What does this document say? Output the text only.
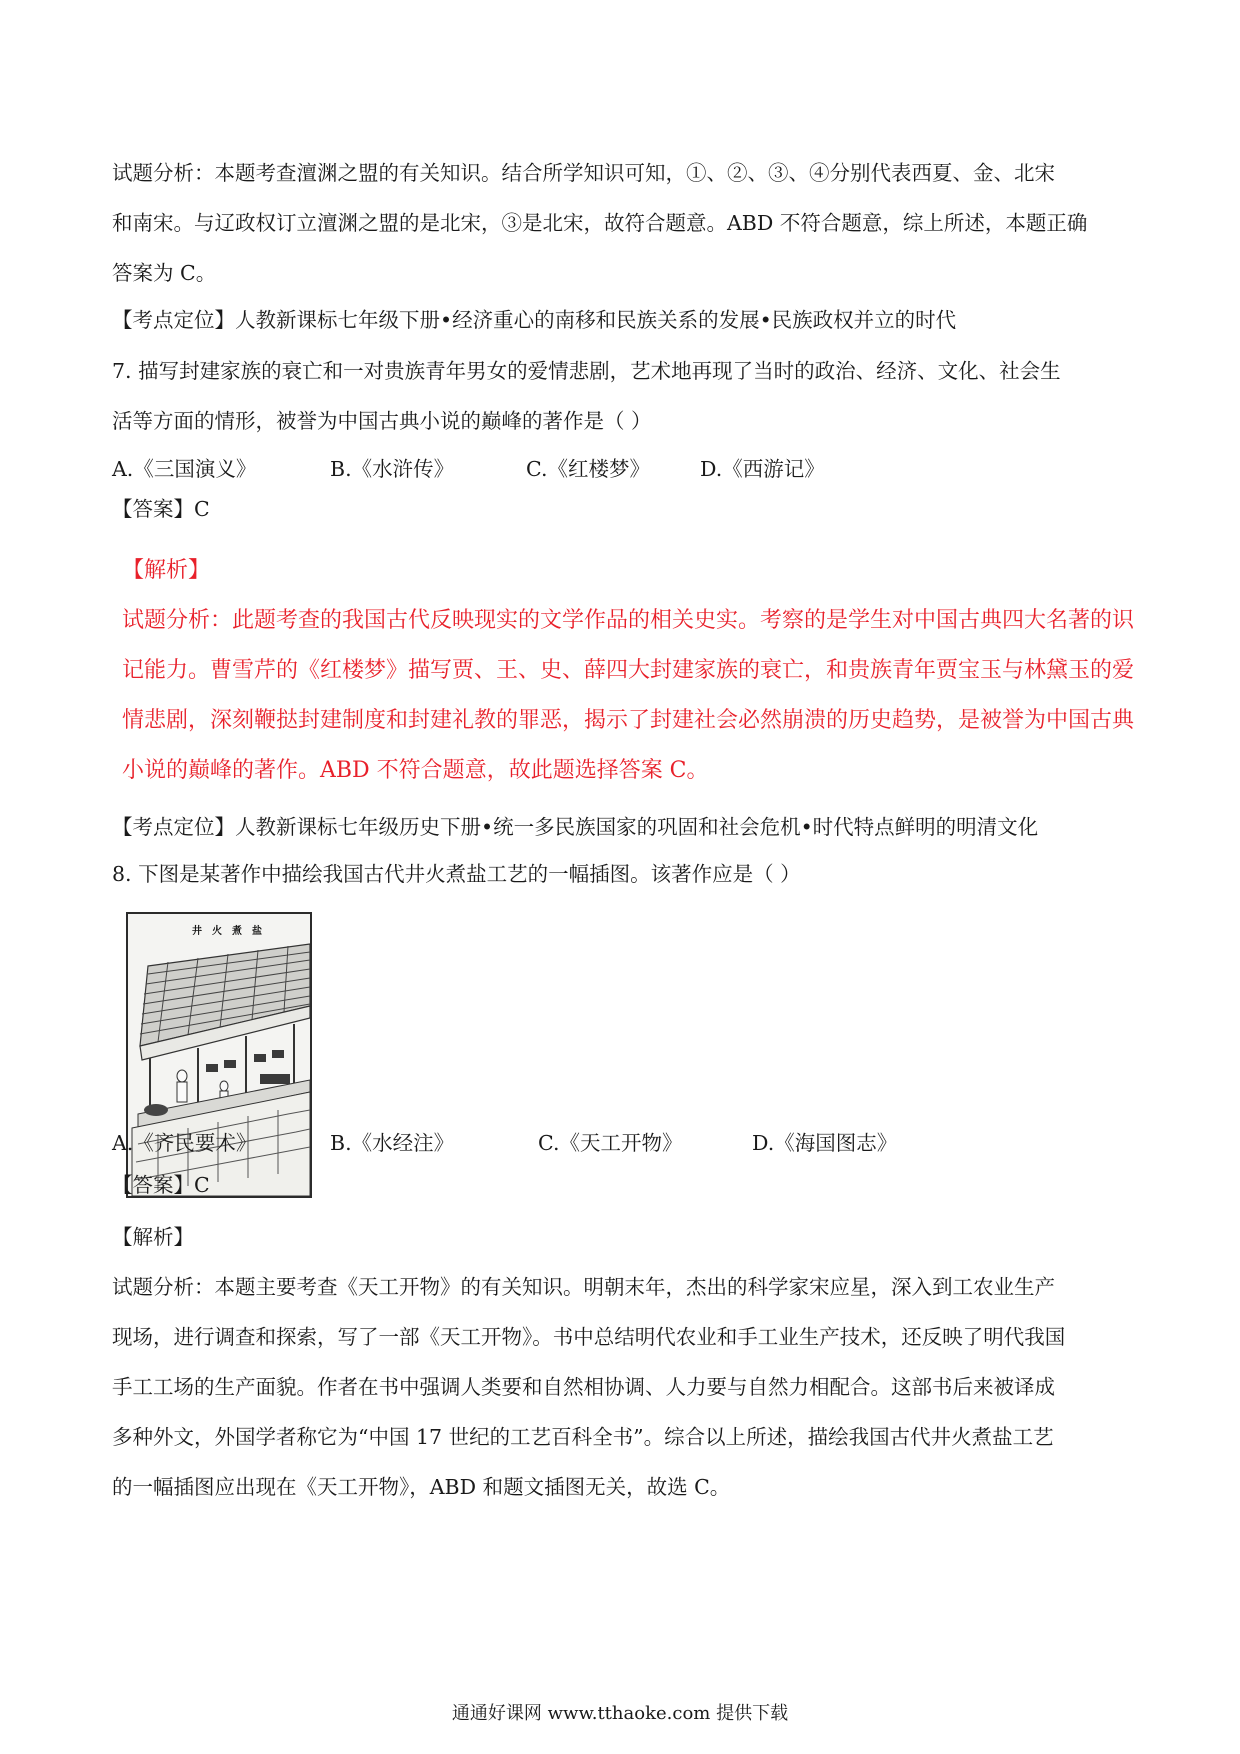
试题分析：本题考查澶渊之盟的有关知识。结合所学知识可知，①、②、③、④分别代表西夏、金、北宋
和南宋。与辽政权订立澶渊之盟的是北宋，③是北宋，故符合题意。ABD 不符合题意，综上所述，本题正确
答案为 C。
【考点定位】人教新课标七年级下册•经济重心的南移和民族关系的发展•民族政权并立的时代
7. 描写封建家族的衰亡和一对贵族青年男女的爱情悲剧，艺术地再现了当时的政治、经济、文化、社会生
活等方面的情形，被誉为中国古典小说的巅峰的著作是（ ）
A.《三国演义》	B.《水浒传》	C.《红楼梦》 D.《西游记》
【答案】C
【解析】
试题分析：此题考查的我国古代反映现实的文学作品的相关史实。考察的是学生对中国古典四大名著的识
记能力。曹雪芹的《红楼梦》描写贾、王、史、薛四大封建家族的衰亡，和贵族青年贾宝玉与林黛玉的爱
情悲剧，深刻鞭挞封建制度和封建礼教的罪恶，揭示了封建社会必然崩溃的历史趋势，是被誉为中国古典
小说的巅峰的著作。ABD 不符合题意，故此题选择答案 C。
【考点定位】人教新课标七年级历史下册•统一多民族国家的巩固和社会危机•时代特点鲜明的明清文化
8. 下图是某著作中描绘我国古代井火煮盐工艺的一幅插图。该著作应是（ ）
井火煮盐
A.《齐民要术》	B.《水经注》	C.《天工开物》	D.《海国图志》
【答案】C
【解析】
试题分析：本题主要考查《天工开物》的有关知识。明朝末年，杰出的科学家宋应星，深入到工农业生产
现场，进行调查和探索，写了一部《天工开物》。书中总结明代农业和手工业生产技术，还反映了明代我国
手工工场的生产面貌。作者在书中强调人类要和自然相协调、人力要与自然力相配合。这部书后来被译成
多种外文，外国学者称它为“中国 17 世纪的工艺百科全书”。综合以上所述，描绘我国古代井火煮盐工艺
的一幅插图应出现在《天工开物》，ABD 和题文插图无关，故选 C。
通通好课网 www.tthaoke.com 提供下载
